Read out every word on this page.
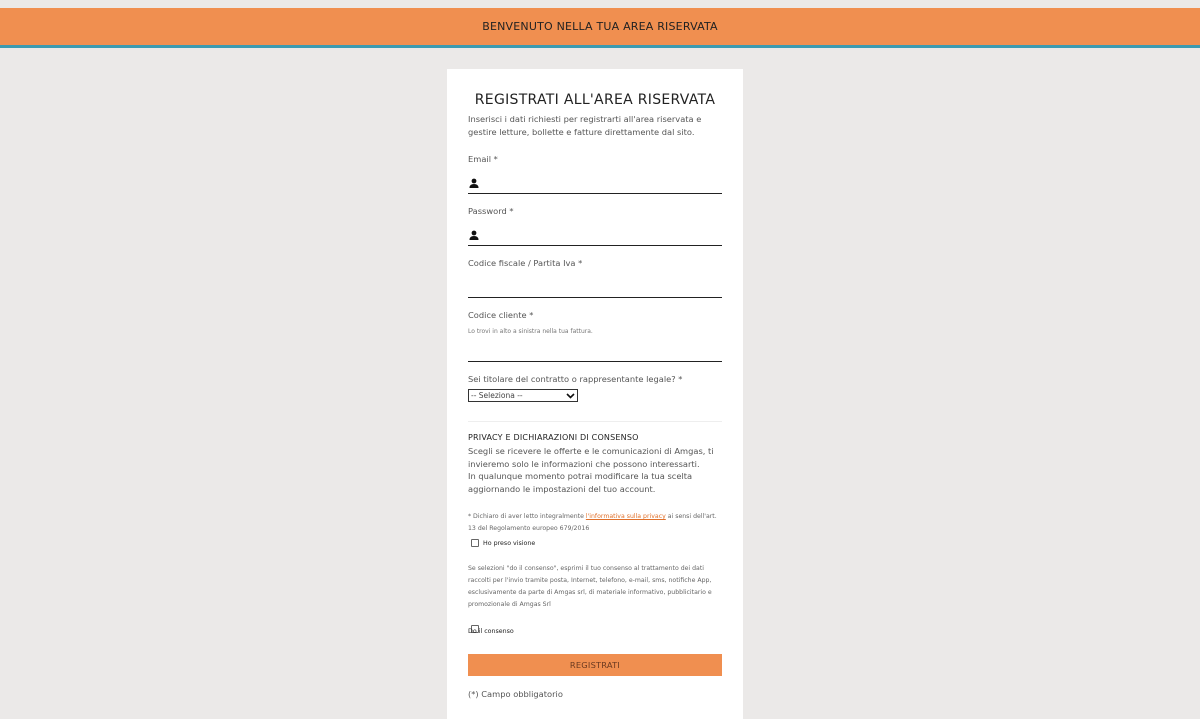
BENVENUTO NELLA TUA AREA RISERVATA
REGISTRATI ALL'AREA RISERVATA
Inserisci i dati richiesti per registrarti all'area riservata e gestire letture, bollette e fatture direttamente dal sito.
Email *
Password *
Codice fiscale / Partita Iva *
Codice cliente *
Lo trovi in alto a sinistra nella tua fattura.
Sei titolare del contratto o rappresentante legale? *
-- Seleziona --
PRIVACY E DICHIARAZIONI DI CONSENSO
Scegli se ricevere le offerte e le comunicazioni di Amgas, ti invieremo solo le informazioni che possono interessarti.
In qualunque momento potrai modificare la tua scelta aggiornando le impostazioni del tuo account.
* Dichiaro di aver letto integralmente l'informativa sulla privacy ai sensi dell'art. 13 del Regolamento europeo 679/2016
Ho preso visione
Se selezioni "do il consenso", esprimi il tuo consenso al trattamento dei dati raccolti per l'invio tramite posta, Internet, telefono, e-mail, sms, notifiche App, esclusivamente da parte di Amgas srl, di materiale informativo, pubblicitario e promozionale di Amgas Srl
Do il consenso
REGISTRATI
(*) Campo obbligatorio
